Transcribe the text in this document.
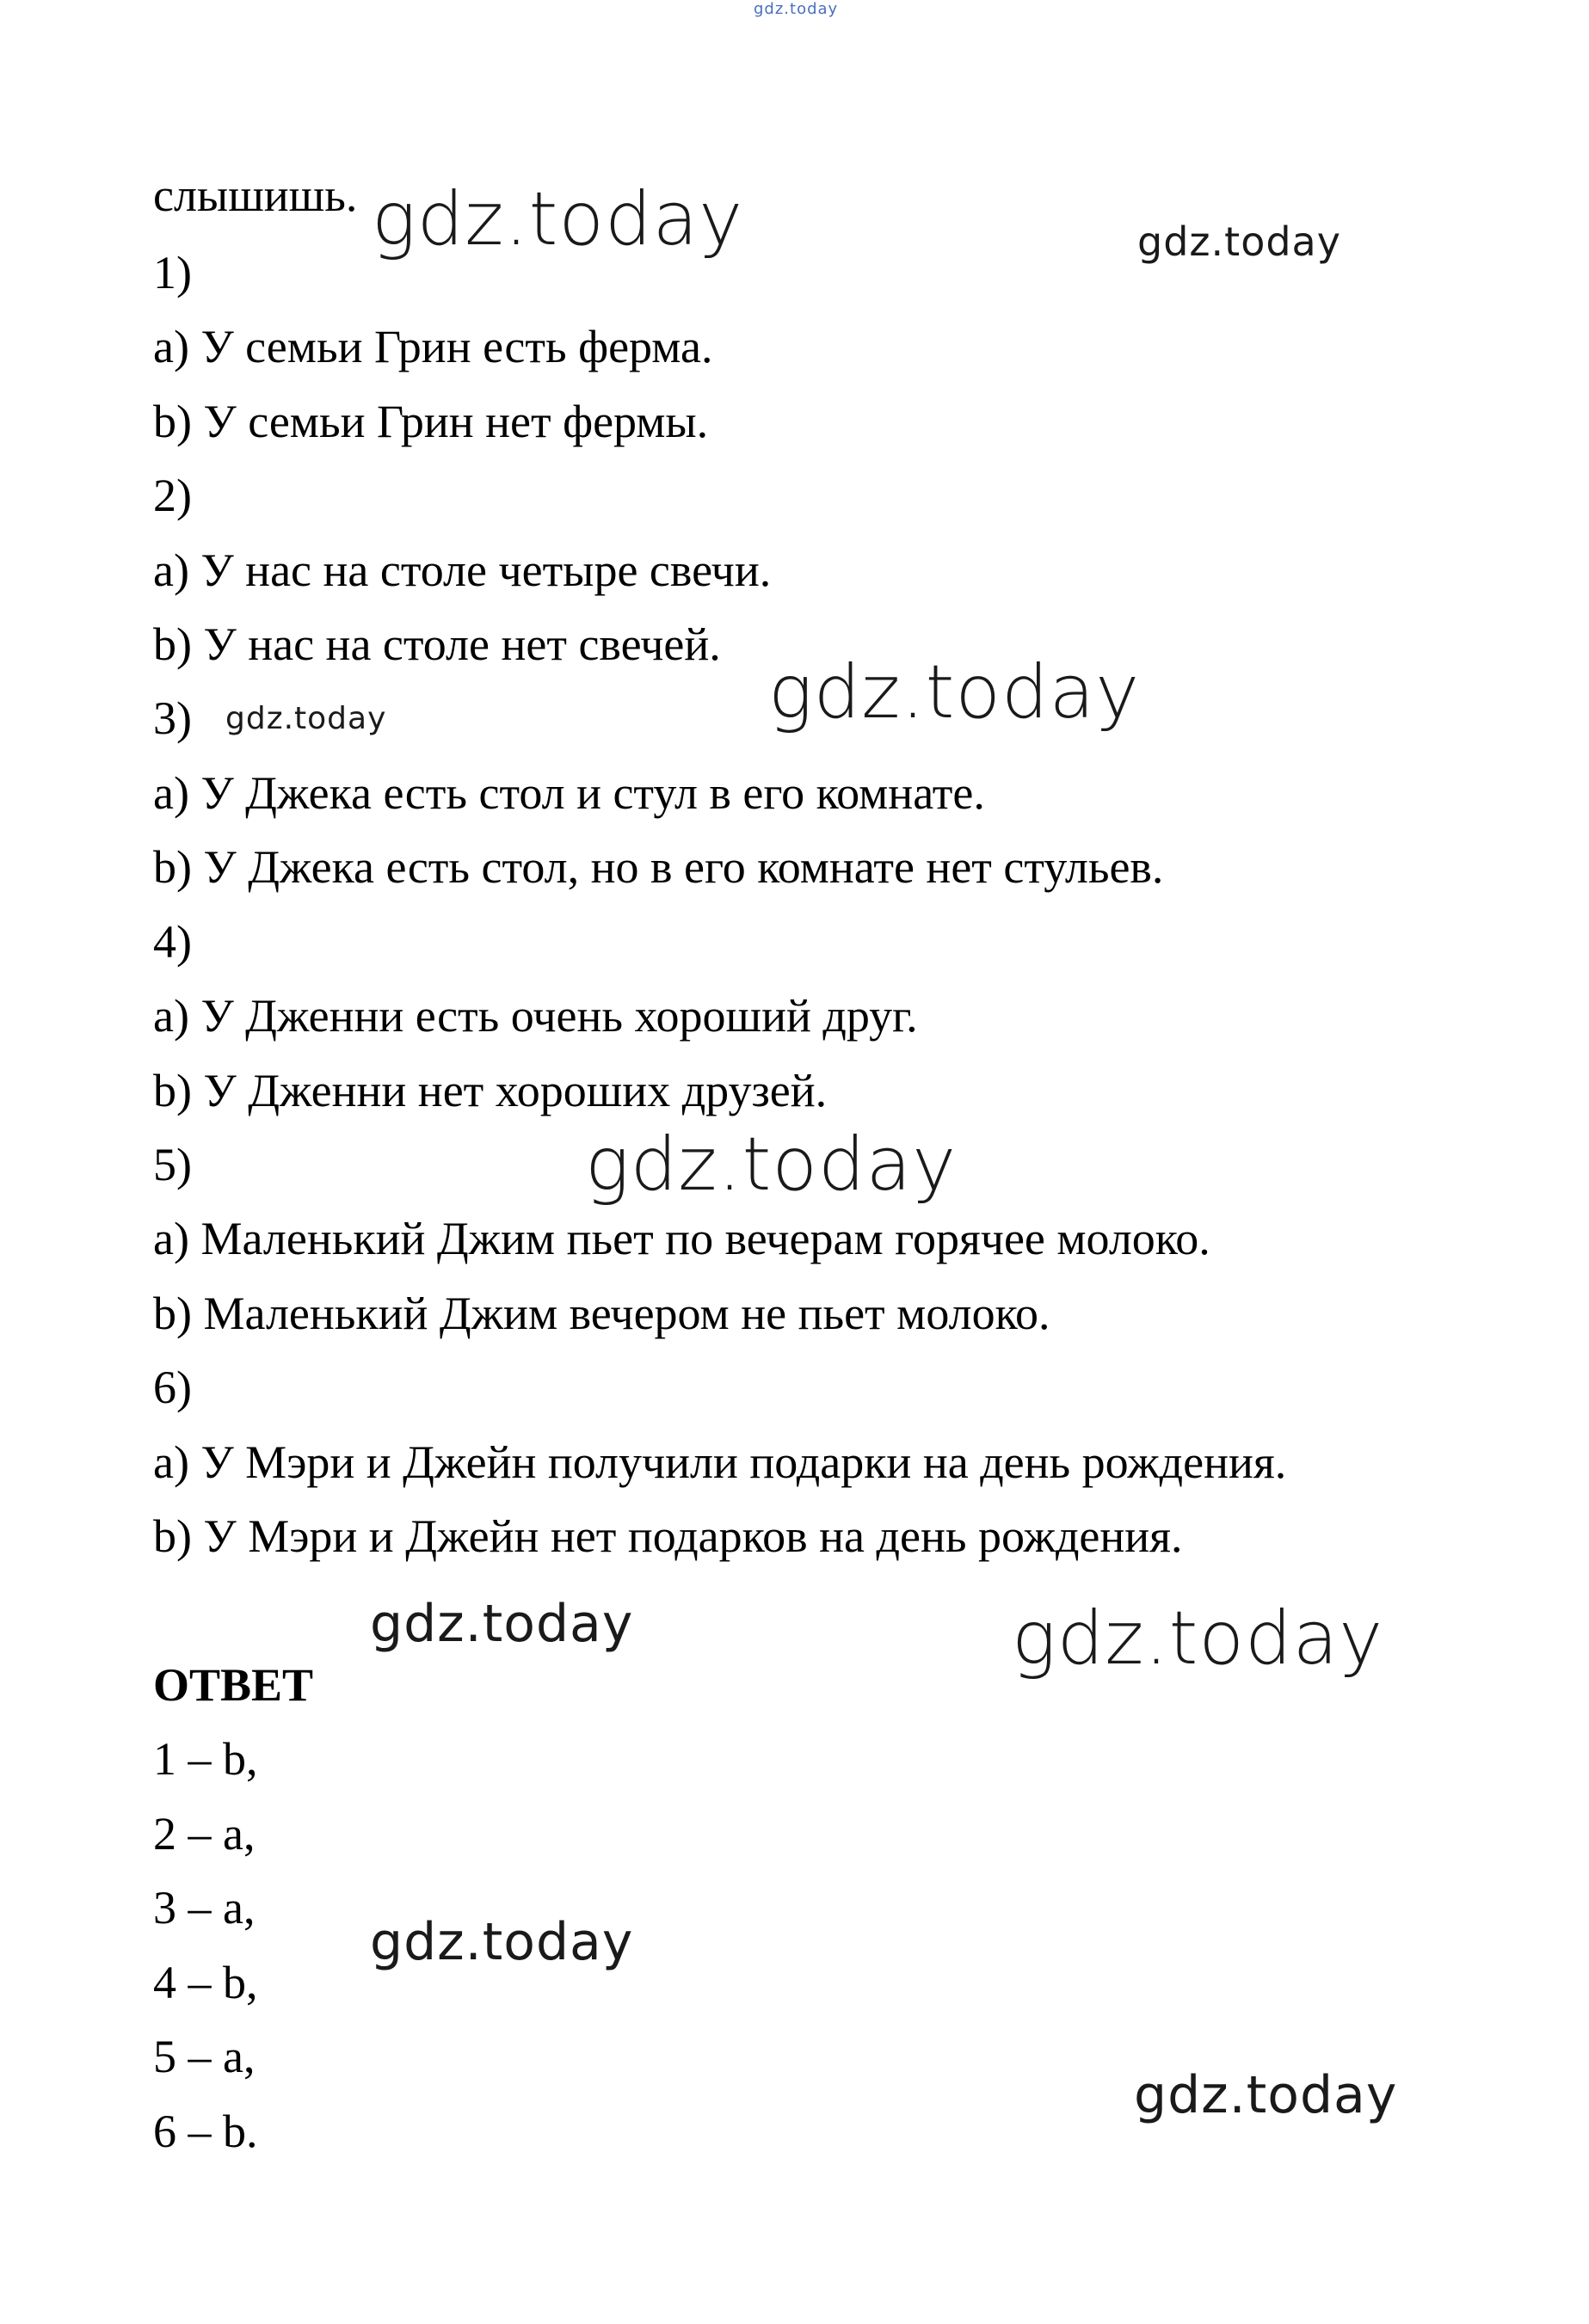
gdz.today
слышишь.
1)
а) У семьи Грин есть ферма.
b) У семьи Грин нет фермы.
2)
а) У нас на столе четыре свечи.
b) У нас на столе нет свечей.
3)
а) У Джека есть стол и стул в его комнате.
b) У Джека есть стол, но в его комнате нет стульев.
4)
а) У Дженни есть очень хороший друг.
b) У Дженни нет хороших друзей.
5)
а) Маленький Джим пьет по вечерам горячее молоко.
b) Маленький Джим вечером не пьет молоко.
6)
а) У Мэри и Джейн получили подарки на день рождения.
b) У Мэри и Джейн нет подарков на день рождения.
ОТВЕТ
1 – b,
2 – a,
3 – a,
4 – b,
5 – a,
6 – b.
gdz.today	gdz.today
gdz.today
gdz.today
gdz.today
gdz.today	gdz.today
gdz.today
gdz.today
